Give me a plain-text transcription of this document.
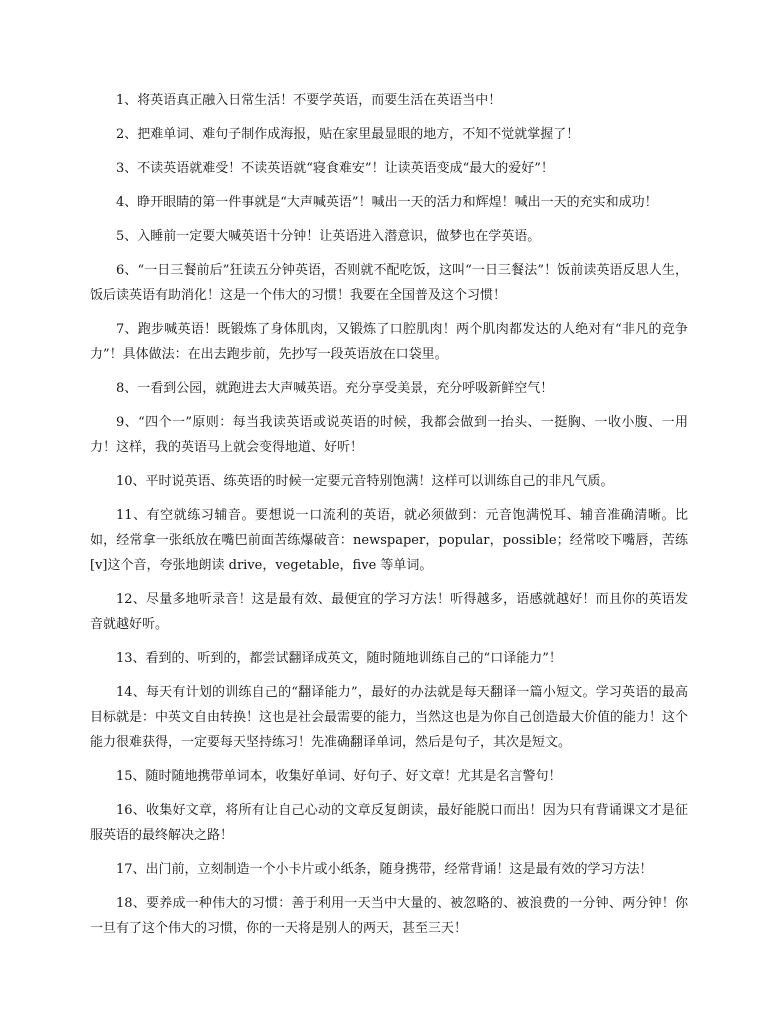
1、将英语真正融入日常生活！不要学英语，而要生活在英语当中！

2、把难单词、难句子制作成海报，贴在家里最显眼的地方，不知不觉就掌握了！

3、不读英语就难受！不读英语就“寝食难安”！让读英语变成“最大的爱好”！

4、睁开眼睛的第一件事就是“大声喊英语”！喊出一天的活力和辉煌！喊出一天的充实和成功！

5、入睡前一定要大喊英语十分钟！让英语进入潜意识，做梦也在学英语。

6、“一日三餐前后”狂读五分钟英语，否则就不配吃饭，这叫“一日三餐法”！饭前读英语反思人生，饭后读英语有助消化！这是一个伟大的习惯！我要在全国普及这个习惯！

7、跑步喊英语！既锻炼了身体肌肉，又锻炼了口腔肌肉！两个肌肉都发达的人绝对有“非凡的竞争力”！具体做法：在出去跑步前，先抄写一段英语放在口袋里。

8、一看到公园，就跑进去大声喊英语。充分享受美景，充分呼吸新鲜空气！

9、“四个一”原则：每当我读英语或说英语的时候，我都会做到一抬头、一挺胸、一收小腹、一用力！这样，我的英语马上就会变得地道、好听！

10、平时说英语、练英语的时候一定要元音特别饱满！这样可以训练自己的非凡气质。

11、有空就练习辅音。要想说一口流利的英语，就必须做到：元音饱满悦耳、辅音准确清晰。比如，经常拿一张纸放在嘴巴前面苦练爆破音：newspaper，popular，possible；经常咬下嘴唇，苦练[v]这个音，夸张地朗读 drive，vegetable，five 等单词。

12、尽量多地听录音！这是最有效、最便宜的学习方法！听得越多，语感就越好！而且你的英语发音就越好听。

13、看到的、听到的，都尝试翻译成英文，随时随地训练自己的“口译能力”！

14、每天有计划的训练自己的“翻译能力”，最好的办法就是每天翻译一篇小短文。学习英语的最高目标就是：中英文自由转换！这也是社会最需要的能力，当然这也是为你自己创造最大价值的能力！这个能力很难获得，一定要每天坚持练习！先准确翻译单词，然后是句子，其次是短文。

15、随时随地携带单词本，收集好单词、好句子、好文章！尤其是名言警句！

16、收集好文章，将所有让自己心动的文章反复朗读，最好能脱口而出！因为只有背诵课文才是征服英语的最终解决之路！

17、出门前，立刻制造一个小卡片或小纸条，随身携带，经常背诵！这是最有效的学习方法！

18、要养成一种伟大的习惯：善于利用一天当中大量的、被忽略的、被浪费的一分钟、两分钟！你一旦有了这个伟大的习惯，你的一天将是别人的两天，甚至三天！
